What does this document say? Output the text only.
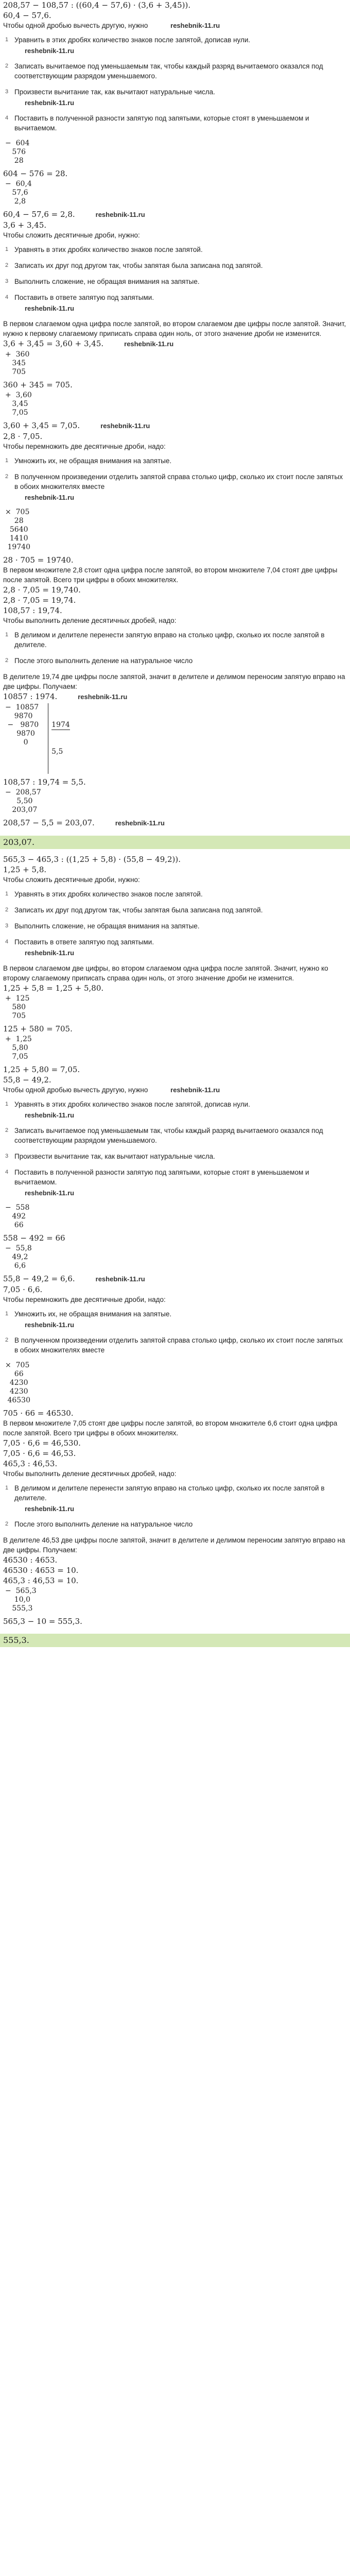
208,57 − 108,57 : ((60,4 − 57,6) · (3,6 + 3,45)).

60,4 − 57,6.

Чтобы одной дробью вычесть другую, нужно	reshebnik-11.ru

1 Уравнить в этих дробях количество знаков после запятой, дописав нули.
reshebnik-11.ru
2 Записать вычитаемое под уменьшаемым так, чтобы каждый разряд вычитаемого оказался под соответствующим разрядом уменьшаемого.
3 Произвести вычитание так, как вычитают натуральные числа.
reshebnik-11.ru
4 Поставить в полученной разности запятую под запятыми, которые стоят в уменьшаемом и вычитаемом.
−  604
576
28

604 − 576 = 28.

−  60,4
57,6
2,8

60,4 − 57,6 = 2,8.	reshebnik-11.ru

3,6 + 3,45.

Чтобы сложить десятичные дроби, нужно:

1 Уравнять в этих дробях количество знаков после запятой.
2 Записать их друг под другом так, чтобы запятая была записана под запятой.
3 Выполнить сложение, не обращая внимания на запятые.
4 Поставить в ответе запятую под запятыми.
reshebnik-11.ru

В первом слагаемом одна цифра после запятой, во втором слагаемом две цифры после запятой. Значит, нужно к первому слагаемому приписать справа один ноль, от этого значение дроби не изменится.

3,6 + 3,45 = 3,60 + 3,45.	reshebnik-11.ru

+  360
345
705

360 + 345 = 705.

+  3,60
3,45
7,05

3,60 + 3,45 = 7,05.	reshebnik-11.ru

2,8 · 7,05.

Чтобы перемножить две десятичные дроби, надо:

1 Умножить их, не обращая внимания на запятые.
2 В полученном произведении отделить запятой справа столько цифр, сколько их стоит после запятых в обоих множителях вместе
reshebnik-11.ru
×  705
28
5640
1410
19740

28 · 705 = 19740.

В первом множителе 2,8 стоит одна цифра после запятой, во втором множителе 7,04 стоят две цифры после запятой. Всего три цифры в обоих множителях.

2,8 · 7,05 = 19,740.

2,8 · 7,05 = 19,74.

108,57 : 19,74.

Чтобы выполнить деление десятичных дробей, надо:

1 В делимом и делителе перенести запятую вправо на столько цифр, сколько их после запятой в делителе.
2 После этого выполнить деление на натуральное число

В делителе 19,74 две цифры после запятой, значит в делителе и делимом переносим запятую вправо на две цифры. Получаем:

10857 : 1974.	reshebnik-11.ru

−  10857
9870
−   9870
9870
0

1974

5,5

108,57 : 19,74 = 5,5.

−  208,57
5,50
203,07

208,57 − 5,5 = 203,07.	reshebnik-11.ru

203,07.

565,3 − 465,3 : ((1,25 + 5,8) · (55,8 − 49,2)).

1,25 + 5,8.

Чтобы сложить десятичные дроби, нужно:

1 Уравнять в этих дробях количество знаков после запятой.
2 Записать их друг под другом так, чтобы запятая была записана под запятой.
3 Выполнить сложение, не обращая внимания на запятые.
4 Поставить в ответе запятую под запятыми.
reshebnik-11.ru

В первом слагаемом две цифры, во втором слагаемом одна цифра после запятой. Значит, нужно ко второму слагаемому приписать справа один ноль, от этого значение дроби не изменится.

1,25 + 5,8 = 1,25 + 5,80.

+  125
580
705

125 + 580 = 705.

+  1,25
5,80
7,05

1,25 + 5,80 = 7,05.

55,8 − 49,2.

Чтобы одной дробью вычесть другую, нужно	reshebnik-11.ru

1 Уравнять в этих дробях количество знаков после запятой, дописав нули.
reshebnik-11.ru
2 Записать вычитаемое под уменьшаемым так, чтобы каждый разряд вычитаемого оказался под соответствующим разрядом уменьшаемого.
3 Произвести вычитание так, как вычитают натуральные числа.
4 Поставить в полученной разности запятую под запятыми, которые стоят в уменьшаемом и вычитаемом.
reshebnik-11.ru
−  558
492
66

558 − 492 = 66

−  55,8
49,2
6,6

55,8 − 49,2 = 6,6.	reshebnik-11.ru

7,05 · 6,6.

Чтобы перемножить две десятичные дроби, надо:

1 Умножить их, не обращая внимания на запятые.
reshebnik-11.ru
2 В полученном произведении отделить запятой справа столько цифр, сколько их стоит после запятых в обоих множителях вместе
×  705
66
4230
4230
46530

705 · 66 = 46530.

В первом множителе 7,05 стоят две цифры после запятой, во втором множителе 6,6 стоит одна цифра после запятой. Всего три цифры в обоих множителях.

7,05 · 6,6 = 46,530.

7,05 · 6,6 = 46,53.

465,3 : 46,53.

Чтобы выполнить деление десятичных дробей, надо:

1 В делимом и делителе перенести запятую вправо на столько цифр, сколько их после запятой в делителе.
reshebnik-11.ru
2 После этого выполнить деление на натуральное число

В делителе 46,53 две цифры после запятой, значит в делителе и делимом переносим запятую вправо на две цифры. Получаем:

46530 : 4653.

46530 : 4653 = 10.

465,3 : 46,53 = 10.

−  565,3
10,0
555,3

565,3 − 10 = 555,3.

555,3.
